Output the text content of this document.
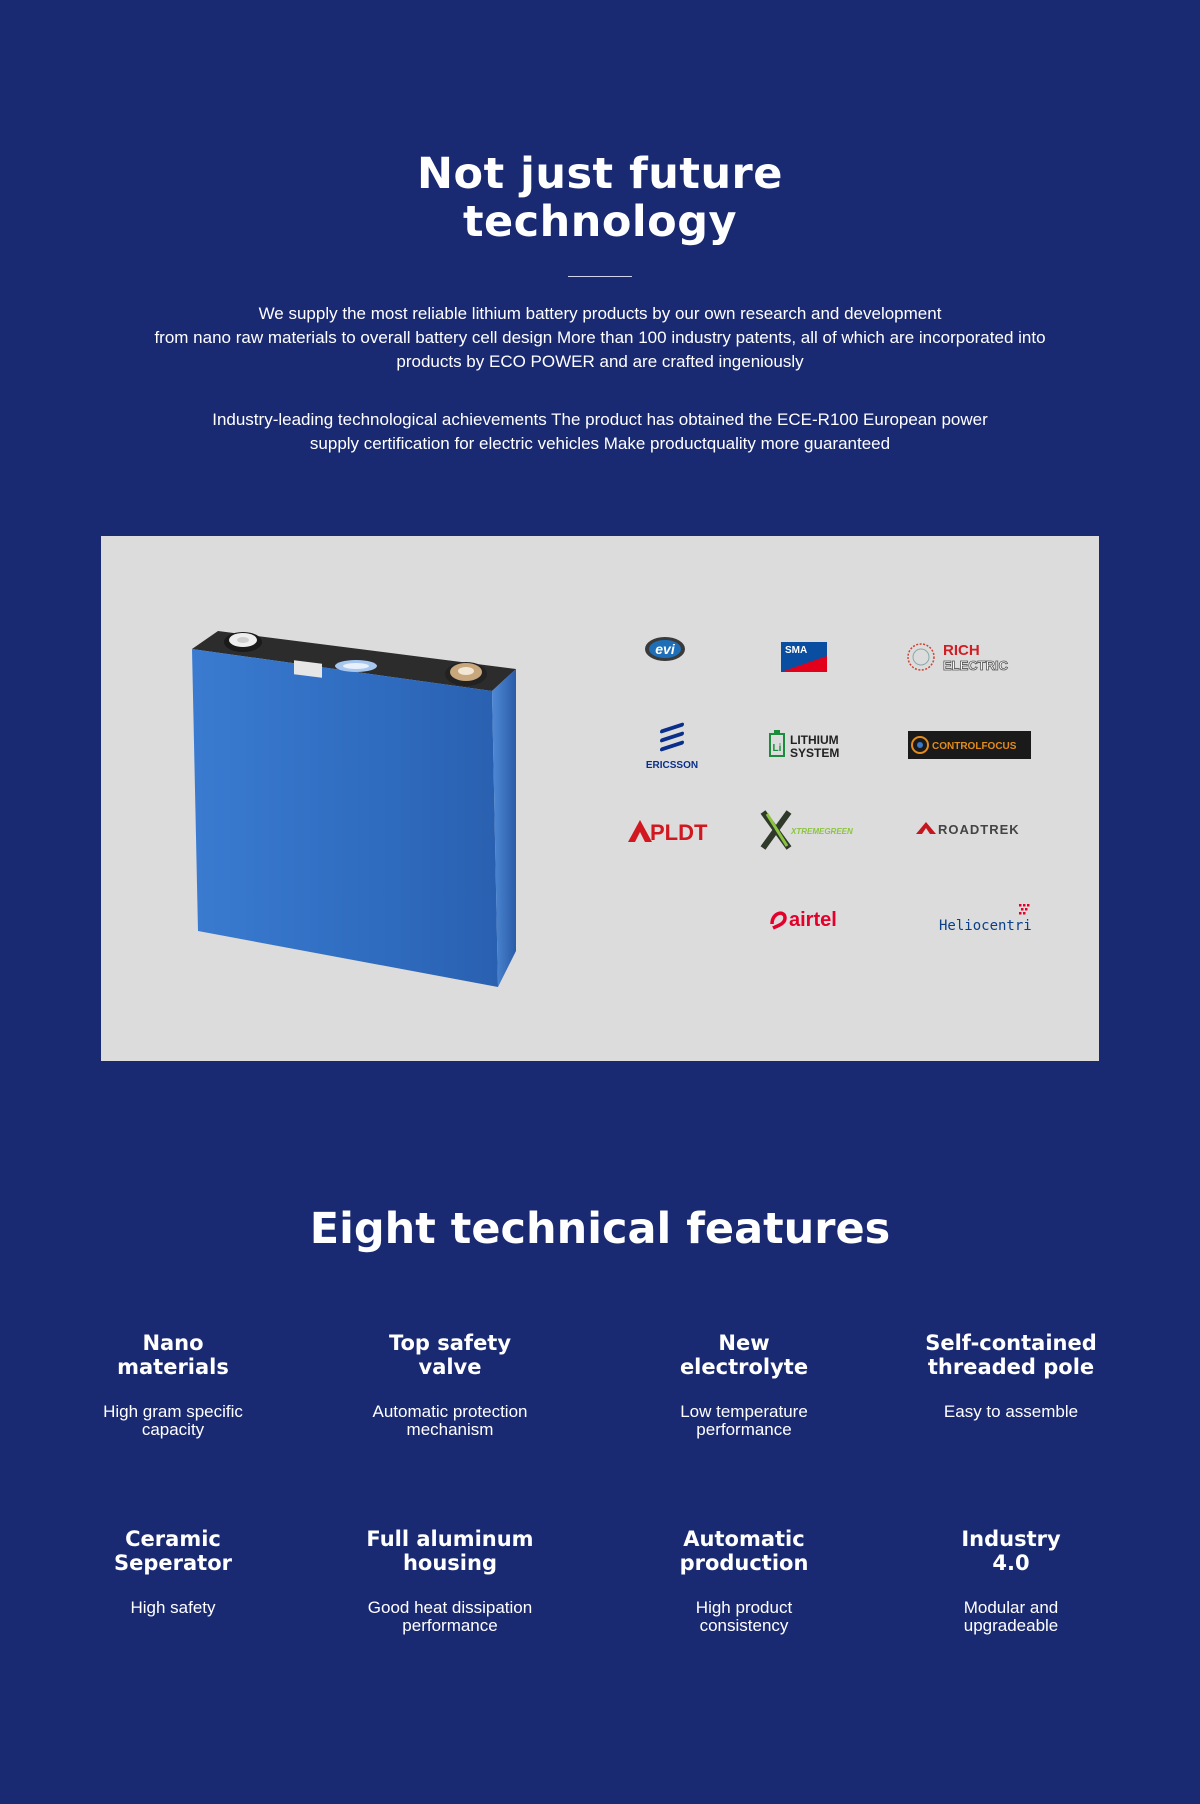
Not just future
technology
We supply the most reliable lithium battery products by our own research and development
from nano raw materials to overall battery cell design More than 100 industry patents, all of which are incorporated into
products by ECO POWER and are crafted ingeniously
Industry-leading technological achievements The product has obtained the ECE-R100 European power
supply certification for electric vehicles Make productquality more guaranteed
evi	SMA	RICH
ELECTRIC
ERICSSON
Li
LITHIUM
SYSTEM	CONTROLFOCUS
PLDT	XTREMEGREEN	ROADTREK
airtel	Heliocentris
Eight technical features
Nano
materials
High gram specific
capacity
Top safety
valve
Automatic protection
mechanism
New
electrolyte
Low temperature
performance
Self-contained
threaded pole
Easy to assemble
Ceramic
Seperator
High safety
Full aluminum
housing
Good heat dissipation
performance
Automatic
production
High product
consistency
Industry
4.0
Modular and
upgradeable
